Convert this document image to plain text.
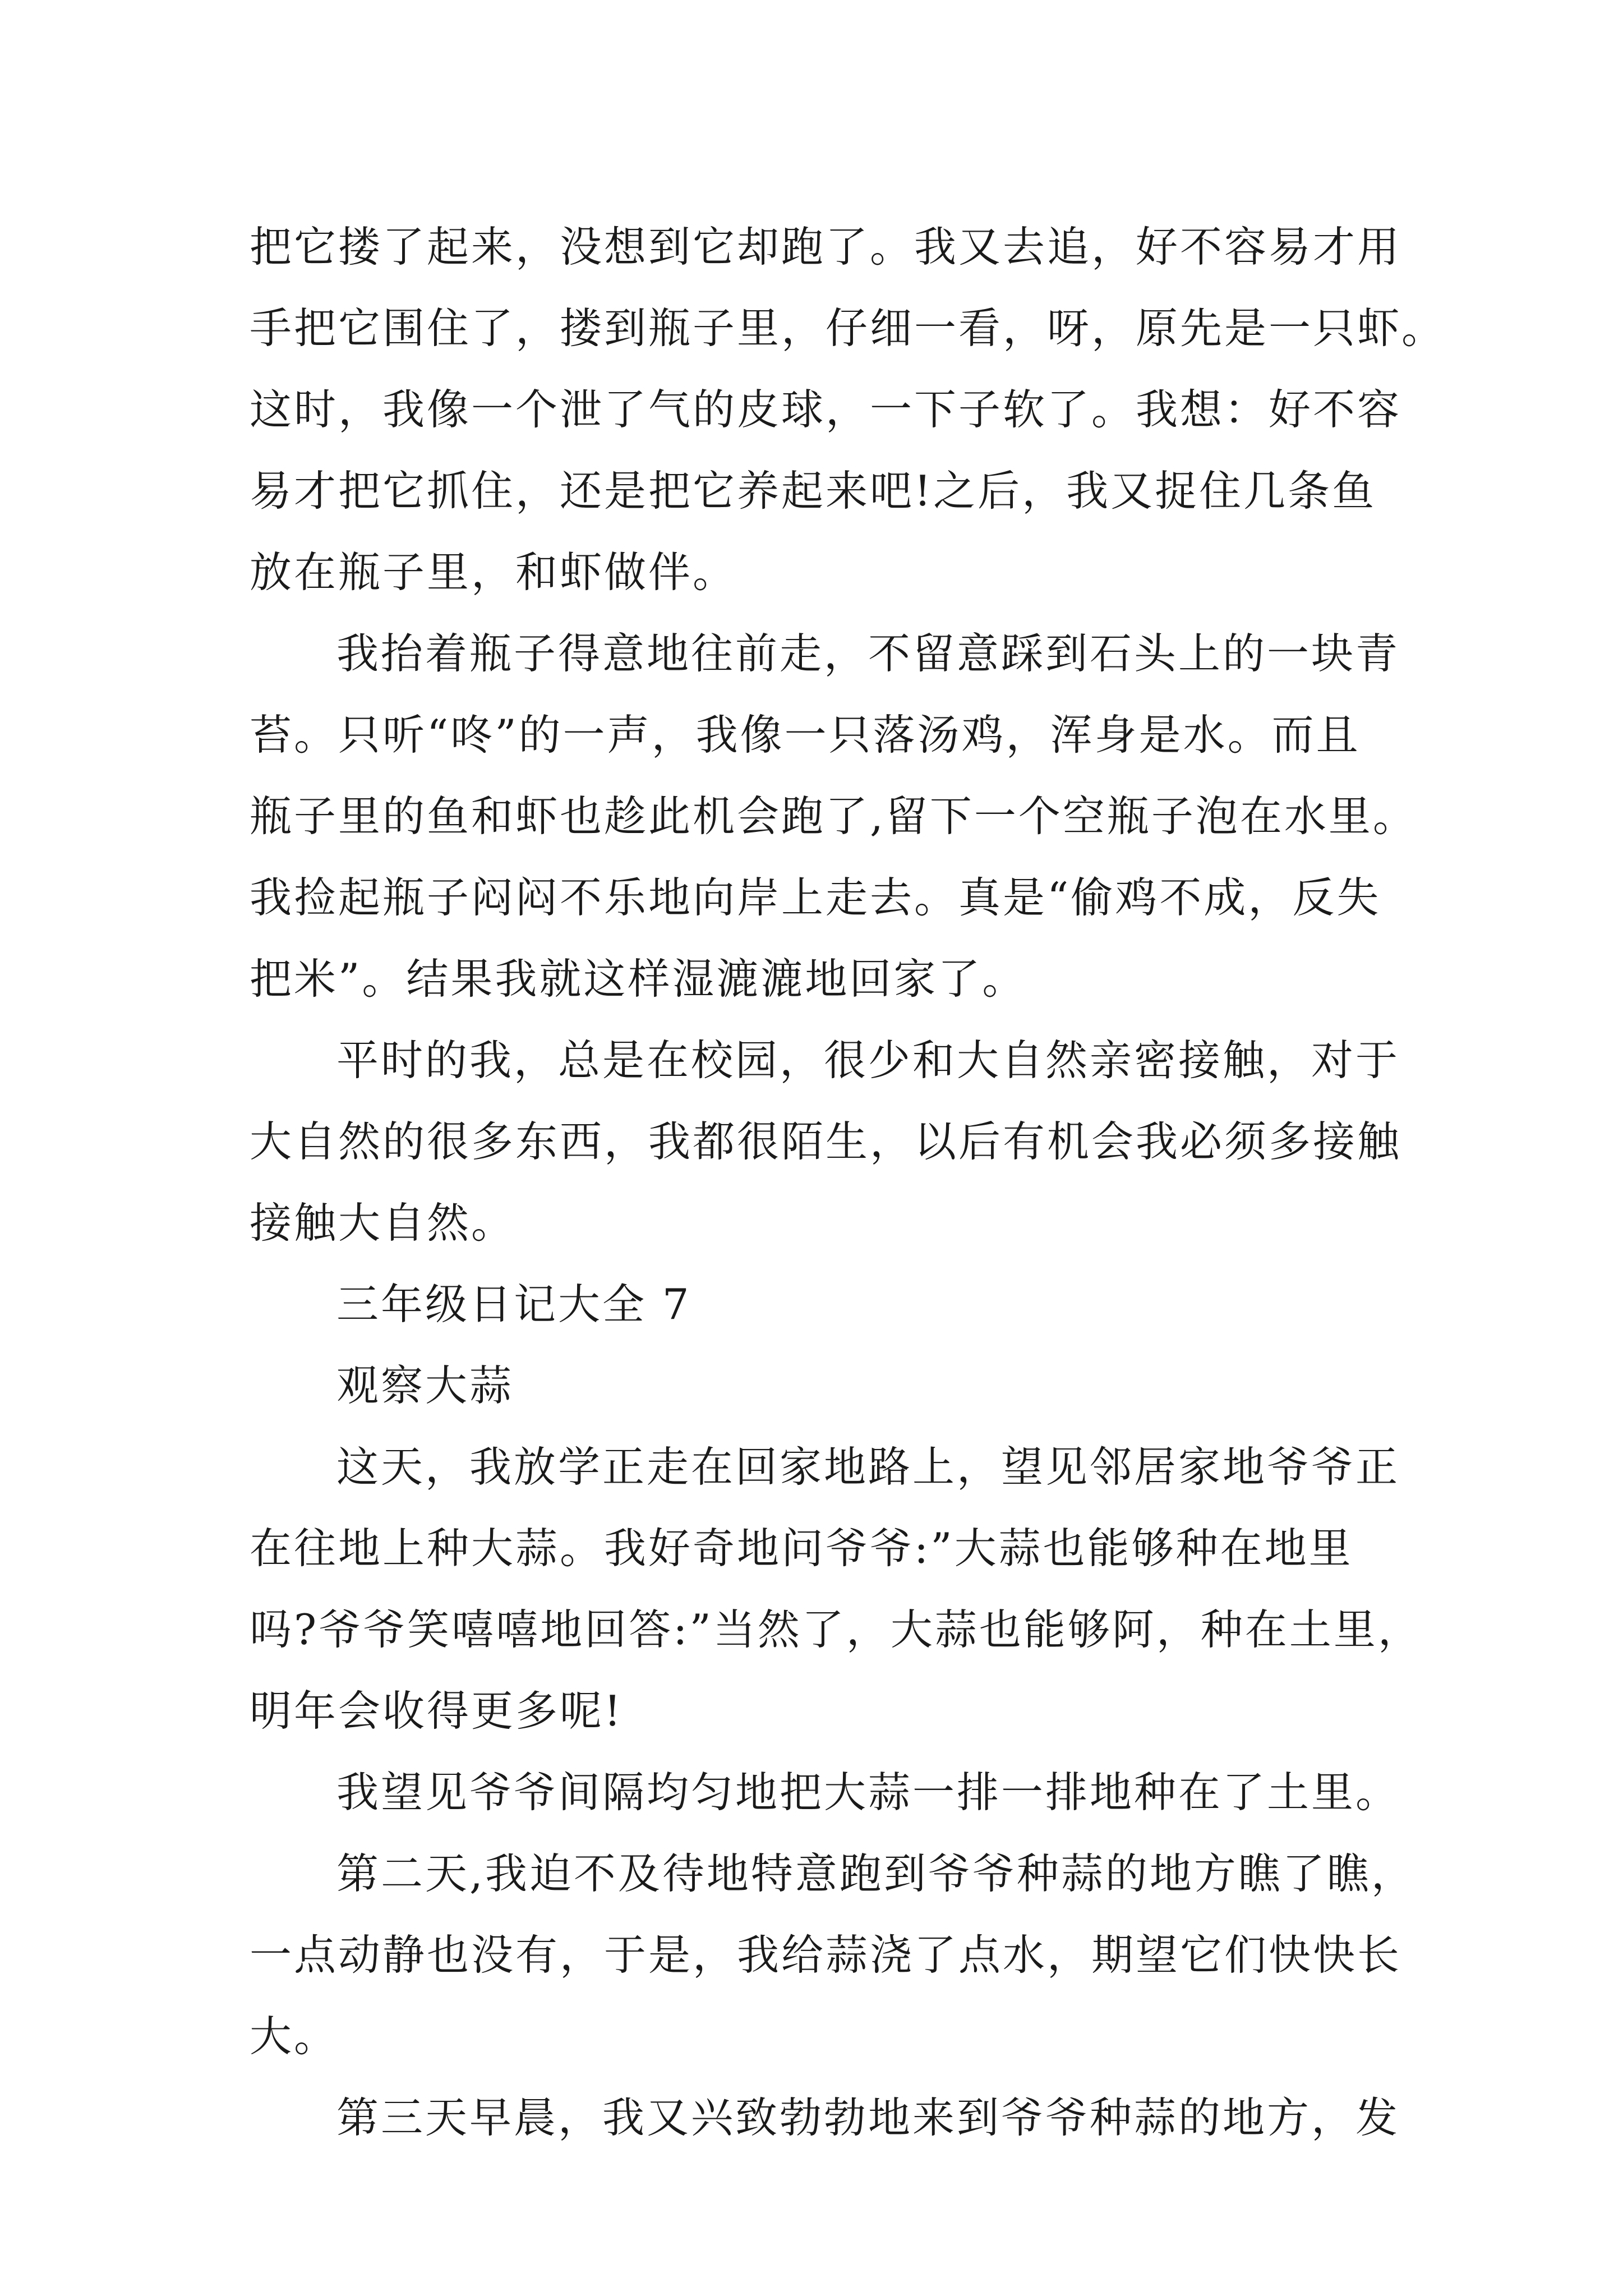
把它搂了起来，没想到它却跑了。我又去追，好不容易才用
手把它围住了，搂到瓶子里，仔细一看，呀，原先是一只虾。
这时，我像一个泄了气的皮球，一下子软了。我想：好不容
易才把它抓住，还是把它养起来吧!之后，我又捉住几条鱼
放在瓶子里，和虾做伴。
我抬着瓶子得意地往前走，不留意踩到石头上的一块青
苔。只听“咚”的一声，我像一只落汤鸡，浑身是水。而且
瓶子里的鱼和虾也趁此机会跑了,留下一个空瓶子泡在水里。
我捡起瓶子闷闷不乐地向岸上走去。真是“偷鸡不成，反失
把米”。结果我就这样湿漉漉地回家了。
平时的我，总是在校园，很少和大自然亲密接触，对于
大自然的很多东西，我都很陌生，以后有机会我必须多接触
接触大自然。
三年级日记大全 7
观察大蒜
这天，我放学正走在回家地路上，望见邻居家地爷爷正
在往地上种大蒜。我好奇地问爷爷:”大蒜也能够种在地里
吗?爷爷笑嘻嘻地回答:”当然了，大蒜也能够阿，种在土里，
明年会收得更多呢!
我望见爷爷间隔均匀地把大蒜一排一排地种在了土里。
第二天,我迫不及待地特意跑到爷爷种蒜的地方瞧了瞧，
一点动静也没有，于是，我给蒜浇了点水，期望它们快快长
大。
第三天早晨，我又兴致勃勃地来到爷爷种蒜的地方，发
